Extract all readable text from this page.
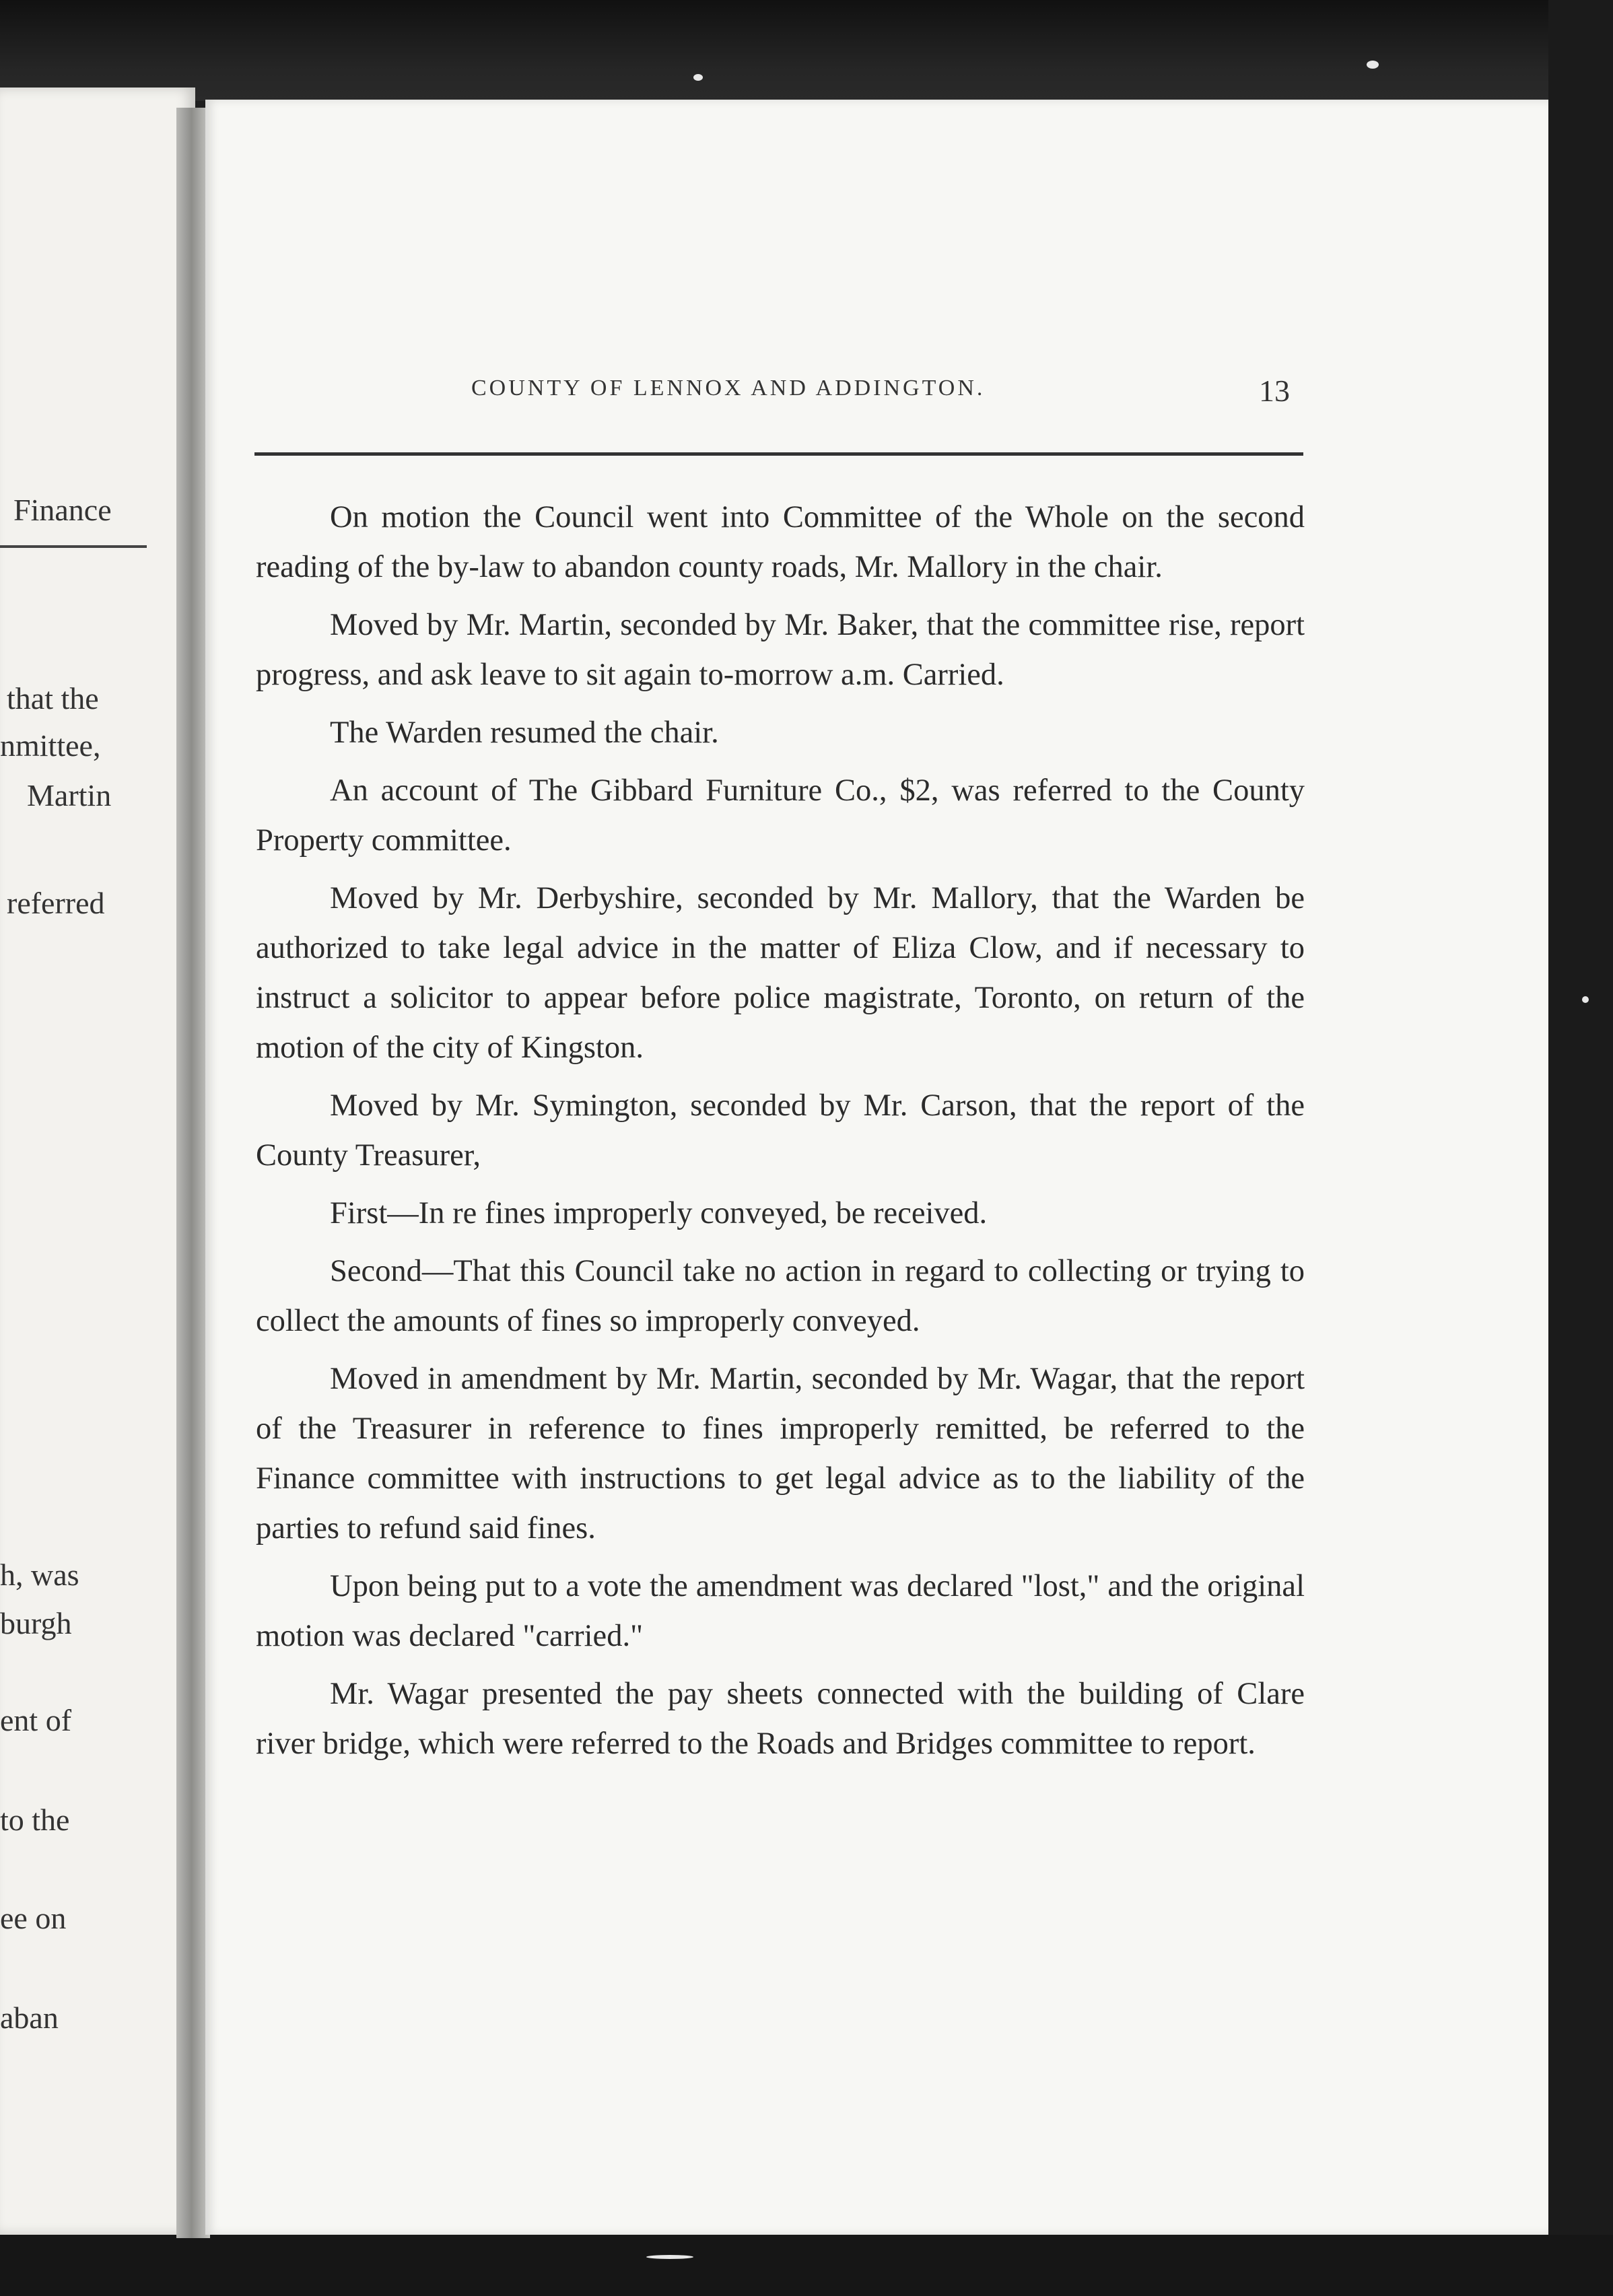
Finance
that the
nmittee,
Martin
referred
h, was
burgh
ent of
to the
ee on
aban
COUNTY OF LENNOX AND ADDINGTON.	13

On motion the Council went into Committee of the Whole on the second reading of the by-law to abandon county roads, Mr. Mallory in the chair.

Moved by Mr. Martin, seconded by Mr. Baker, that the committee rise, report progress, and ask leave to sit again to-morrow a.m. Carried.

The Warden resumed the chair.

An account of The Gibbard Furniture Co., $2, was referred to the County Property committee.

Moved by Mr. Derbyshire, seconded by Mr. Mallory, that the Warden be authorized to take legal advice in the matter of Eliza Clow, and if necessary to instruct a solicitor to appear before police magistrate, Toronto, on return of the motion of the city of Kingston.

Moved by Mr. Symington, seconded by Mr. Carson, that the report of the County Treasurer,

First—In re fines improperly conveyed, be received.

Second—That this Council take no action in regard to collecting or trying to collect the amounts of fines so improperly conveyed.

Moved in amendment by Mr. Martin, seconded by Mr. Wagar, that the report of the Treasurer in reference to fines improperly remitted, be referred to the Finance committee with instructions to get legal advice as to the liability of the parties to refund said fines.

Upon being put to a vote the amendment was declared "lost," and the original motion was declared "carried."

Mr. Wagar presented the pay sheets connected with the building of Clare river bridge, which were referred to the Roads and Bridges committee to report.
